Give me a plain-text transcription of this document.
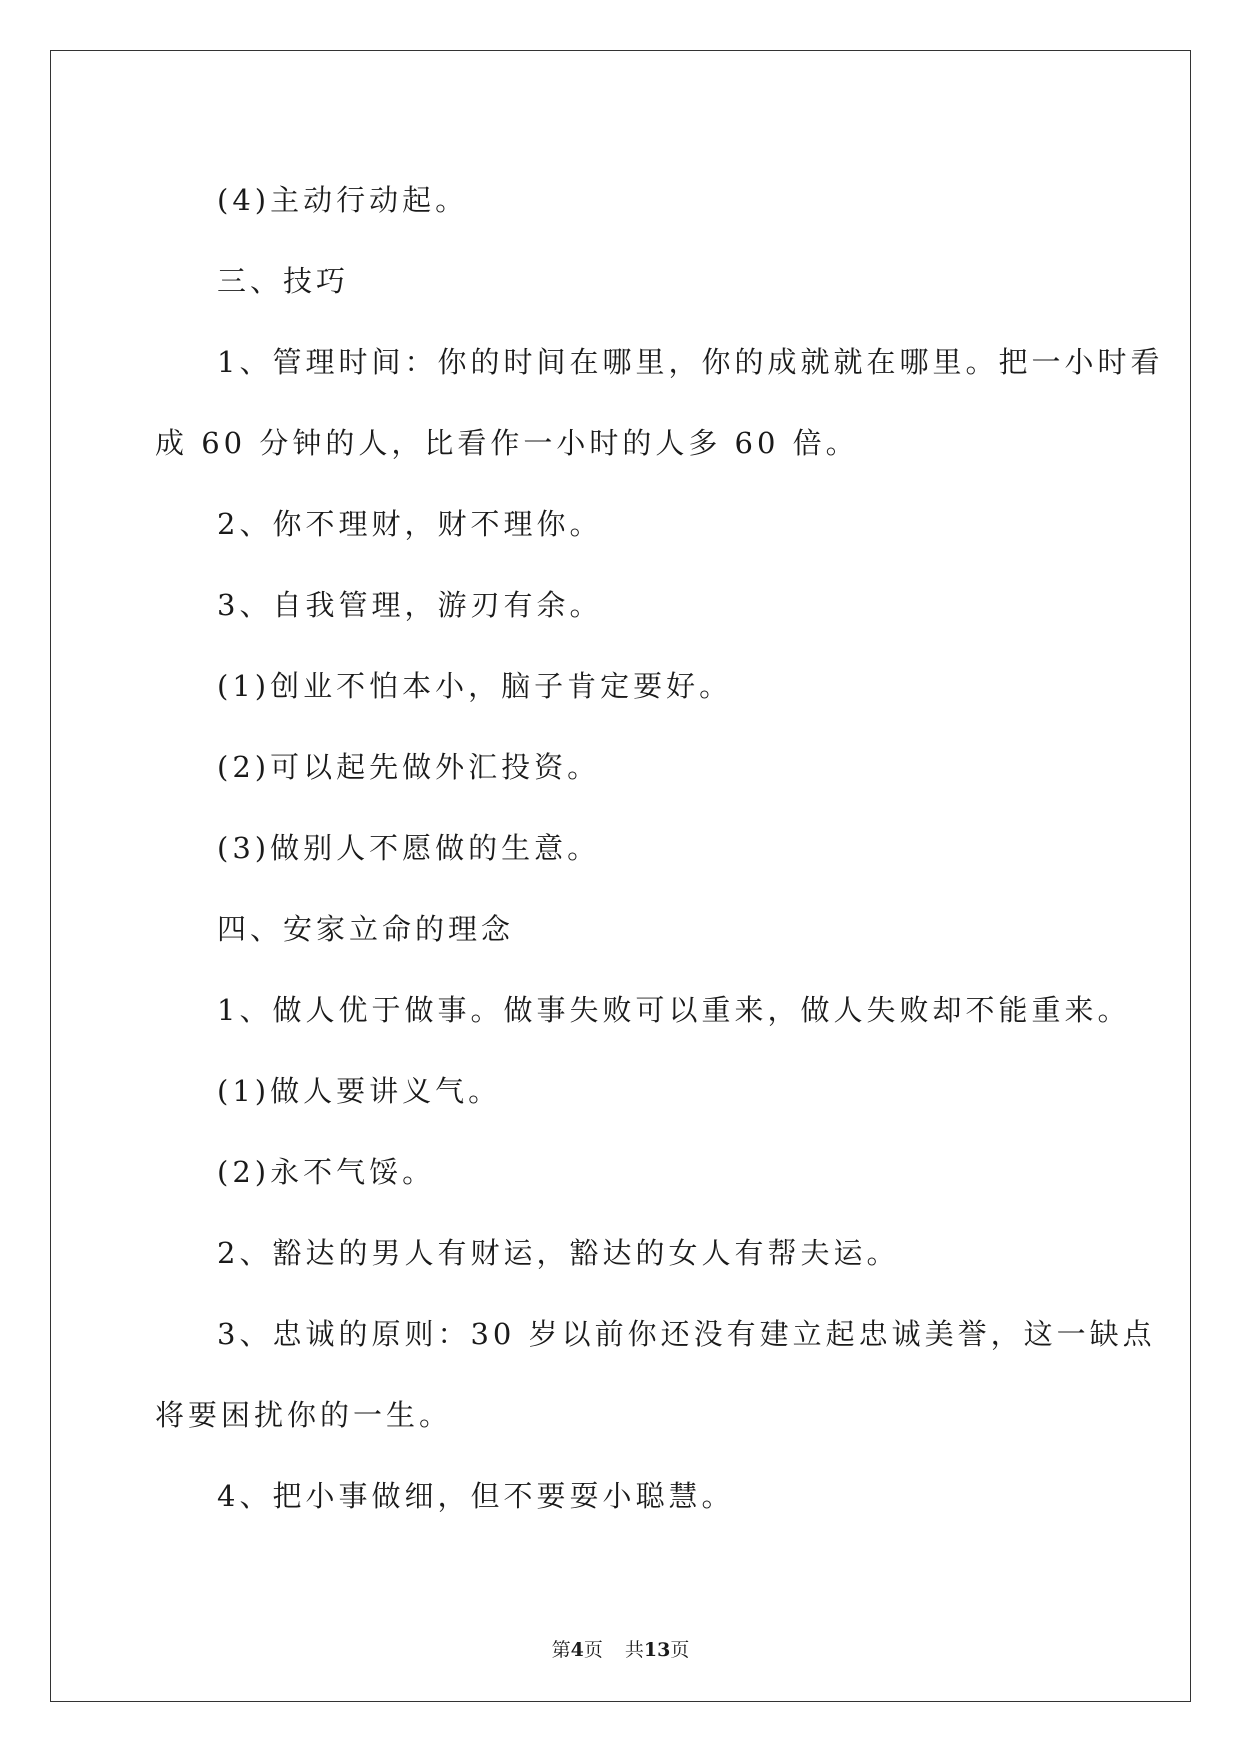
(4)主动行动起。
三、技巧
1、管理时间：你的时间在哪里，你的成就就在哪里。把一小时看
成 60 分钟的人，比看作一小时的人多 60 倍。
2、你不理财，财不理你。
3、自我管理，游刃有余。
(1)创业不怕本小，脑子肯定要好。
(2)可以起先做外汇投资。
(3)做别人不愿做的生意。
四、安家立命的理念
1、做人优于做事。做事失败可以重来，做人失败却不能重来。
(1)做人要讲义气。
(2)永不气馁。
2、豁达的男人有财运，豁达的女人有帮夫运。
3、忠诚的原则：30 岁以前你还没有建立起忠诚美誉，这一缺点
将要困扰你的一生。
4、把小事做细，但不要耍小聪慧。
第4页 共13页
